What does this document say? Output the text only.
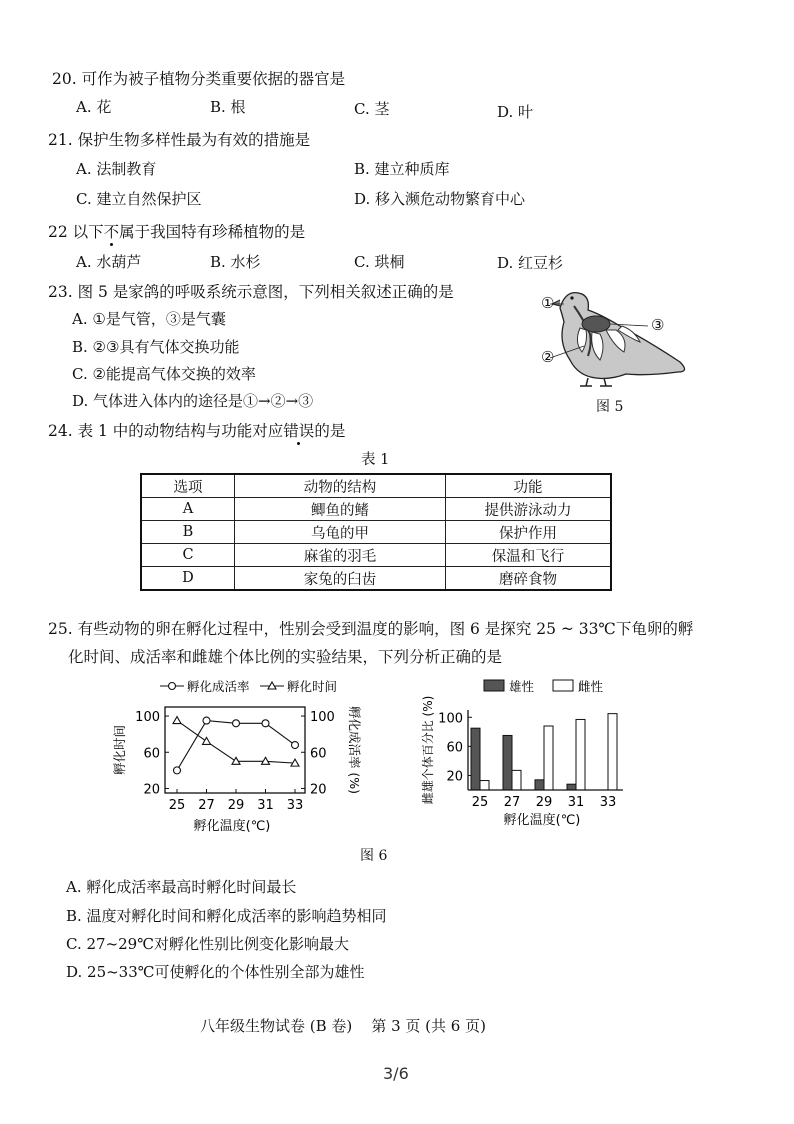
20. 可作为被子植物分类重要依据的器官是
A. 花	B. 根	C. 茎	D. 叶
21. 保护生物多样性最为有效的措施是
A. 法制教育	B. 建立种质库
C. 建立自然保护区	D. 移入濒危动物繁育中心
22 以下不属于我国特有珍稀植物的是
A. 水葫芦	B. 水杉	C. 珙桐	D. 红豆杉
23. 图 5 是家鸽的呼吸系统示意图，下列相关叙述正确的是
A. ①是气管，③是气囊
B. ②③具有气体交换功能
C. ②能提高气体交换的效率
D. 气体进入体内的途径是①→②→③
①
②
③
图 5
24. 表 1 中的动物结构与功能对应错误的是
表 1
选项	动物的结构	功能
A	鲫鱼的鳍	提供游泳动力
B	乌龟的甲	保护作用
C	麻雀的羽毛	保温和飞行
D	家兔的臼齿	磨碎食物
25. 有些动物的卵在孵化过程中，性别会受到温度的影响，图 6 是探究 25 ~ 33℃下龟卵的孵
化时间、成活率和雌雄个体比例的实验结果，下列分析正确的是
孵化成活率	孵化时间
25 27 29 31 33
20
60
100
20
60
100
孵化时间	孵化成活率 (%)
孵化温度(℃)
雄性	雌性
20
60
100
25 27 29 31 33
雌雄个体百分比 (%)
孵化温度(℃)
图 6
A. 孵化成活率最高时孵化时间最长
B. 温度对孵化时间和孵化成活率的影响趋势相同
C. 27~29℃对孵化性别比例变化影响最大
D. 25~33℃可使孵化的个体性别全部为雄性
八年级生物试卷 (B 卷)    第 3 页 (共 6 页)
3/6
